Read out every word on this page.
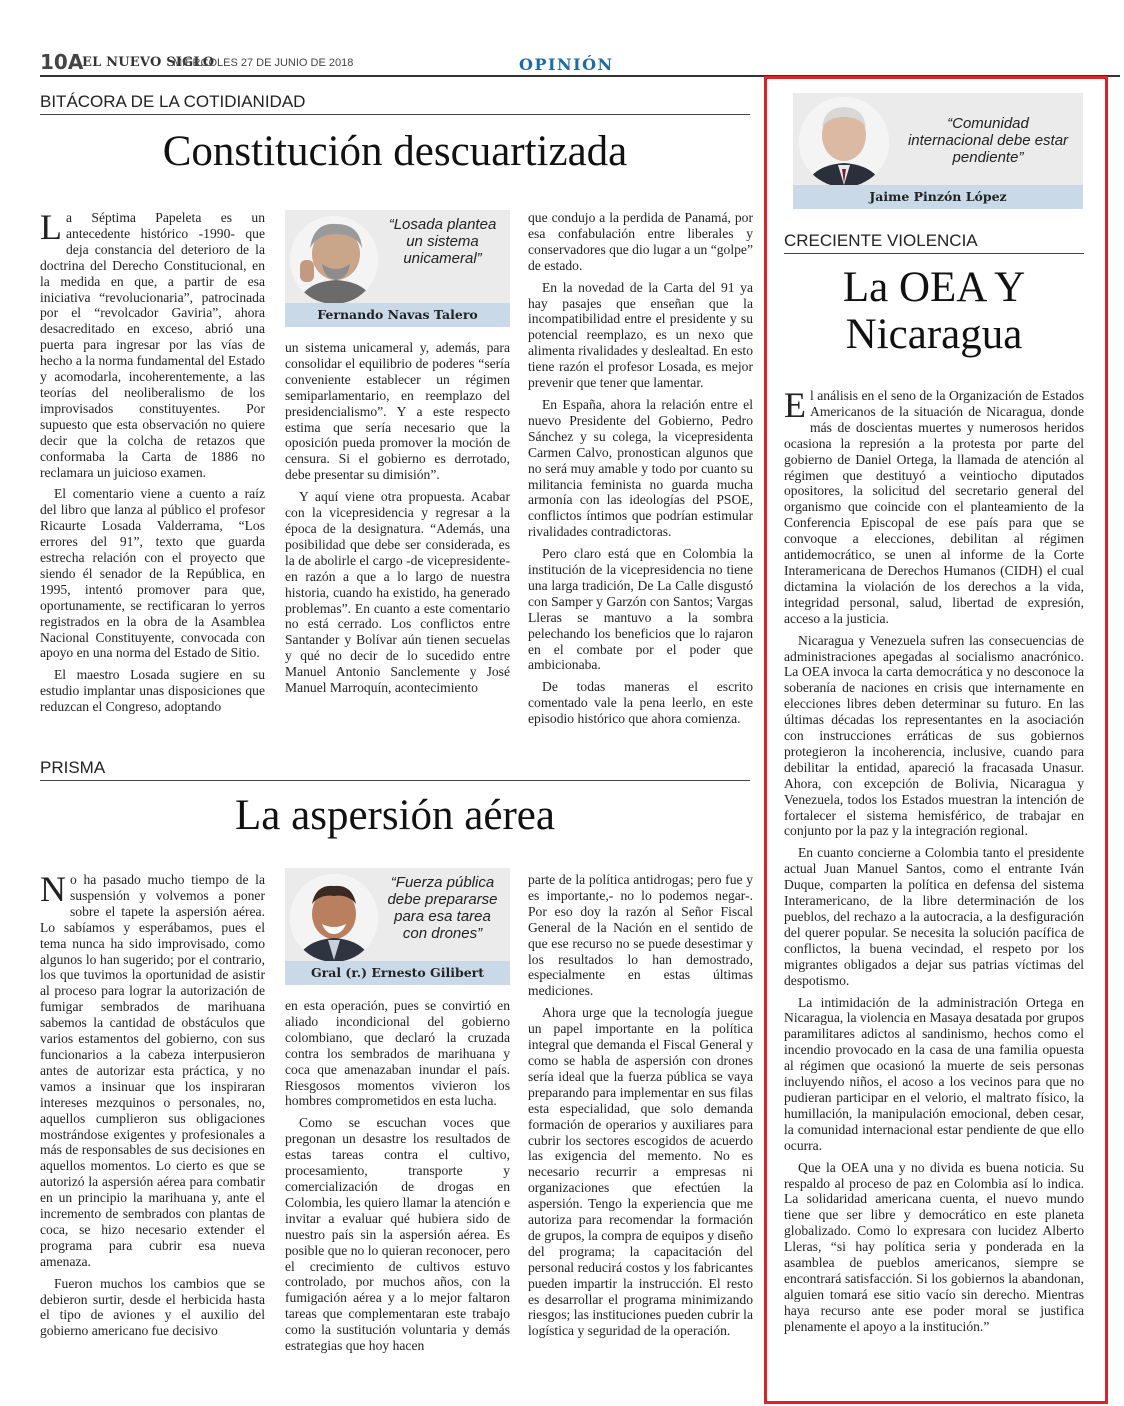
10A
EL NUEVO SIGLO
MIÉRCOLES 27 DE JUNIO DE 2018	OPINIÓN
BITÁCORA DE LA COTIDIANIDAD
Constitución descuartizada

La Séptima Papeleta es un antecedente histórico -1990- que deja constancia del deterioro de la doctrina del Derecho Constitucional, en la medida en que, a partir de esa iniciativa “revolucionaria”, patrocinada por el “revolcador Gaviria”, ahora desacreditado en exceso, abrió una puerta para ingresar por las vías de hecho a la norma fundamental del Estado y acomodarla, incoherentemente, a las teorías del neoliberalismo de los improvisados constituyentes. Por supuesto que esta observación no quiere decir que la colcha de retazos que conformaba la Carta de 1886 no reclamara un juicioso examen.

El comentario viene a cuento a raíz del libro que lanza al público el profesor Ricaurte Losada Valderrama, “Los errores del 91”, texto que guarda estrecha relación con el proyecto que siendo él senador de la República, en 1995, intentó promover para que, oportunamente, se rectificaran lo yerros registrados en la obra de la Asamblea Nacional Constituyente, convocada con apoyo en una norma del Estado de Sitio.

El maestro Losada sugiere en su estudio implantar unas disposiciones que reduzcan el Congreso, adoptando

“Losada plantea un sistema unicameral”
Fernando Navas Talero

un sistema unicameral y, además, para consolidar el equilibrio de poderes “sería conveniente establecer un régimen semiparlamentario, en reemplazo del presidencialismo”. Y a este respecto estima que sería necesario que la oposición pueda promover la moción de censura. Si el gobierno es derrotado, debe presentar su dimisión”.

Y aquí viene otra propuesta. Acabar con la vicepresidencia y regresar a la época de la designatura. “Además, una posibilidad que debe ser considerada, es la de abolirle el cargo -de vicepresidente- en razón a que a lo largo de nuestra historia, cuando ha existido, ha generado problemas”. En cuanto a este comentario no está cerrado. Los conflictos entre Santander y Bolívar aún tienen secuelas y qué no decir de lo sucedido entre Manuel Antonio Sanclemente y José Manuel Marroquín, acontecimiento

que condujo a la perdida de Panamá, por esa confabulación entre liberales y conservadores que dio lugar a un “golpe” de estado.

En la novedad de la Carta del 91 ya hay pasajes que enseñan que la incompatibilidad entre el presidente y su potencial reemplazo, es un nexo que alimenta rivalidades y deslealtad. En esto tiene razón el profesor Losada, es mejor prevenir que tener que lamentar.

En España, ahora la relación entre el nuevo Presidente del Gobierno, Pedro Sánchez y su colega, la vicepresidenta Carmen Calvo, pronostican algunos que no será muy amable y todo por cuanto su militancia feminista no guarda mucha armonía con las ideologías del PSOE, conflictos íntimos que podrían estimular rivalidades contradictoras.

Pero claro está que en Colombia la institución de la vicepresidencia no tiene una larga tradición, De La Calle disgustó con Samper y Garzón con Santos; Vargas Lleras se mantuvo a la sombra pelechando los beneficios que lo rajaron en el combate por el poder que ambicionaba.

De todas maneras el escrito comentado vale la pena leerlo, en este episodio histórico que ahora comienza.

PRISMA
La aspersión aérea

No ha pasado mucho tiempo de la suspensión y volvemos a poner sobre el tapete la aspersión aérea. Lo sabíamos y esperábamos, pues el tema nunca ha sido improvisado, como algunos lo han sugerido; por el contrario, los que tuvimos la oportunidad de asistir al proceso para lograr la autorización de fumigar sembrados de marihuana sabemos la cantidad de obstáculos que varios estamentos del gobierno, con sus funcionarios a la cabeza interpusieron antes de autorizar esta práctica, y no vamos a insinuar que los inspiraran intereses mezquinos o personales, no, aquellos cumplieron sus obligaciones mostrándose exigentes y profesionales a más de responsables de sus decisiones en aquellos momentos. Lo cierto es que se autorizó la aspersión aérea para combatir en un principio la marihuana y, ante el incremento de sembrados con plantas de coca, se hizo necesario extender el programa para cubrir esa nueva amenaza.

Fueron muchos los cambios que se debieron surtir, desde el herbicida hasta el tipo de aviones y el auxilio del gobierno americano fue decisivo

“Fuerza pública debe prepararse para esa tarea con drones”
Gral (r.) Ernesto Gilibert

en esta operación, pues se convirtió en aliado incondicional del gobierno colombiano, que declaró la cruzada contra los sembrados de marihuana y coca que amenazaban inundar el país. Riesgosos momentos vivieron los hombres comprometidos en esta lucha.

Como se escuchan voces que pregonan un desastre los resultados de estas tareas contra el cultivo, procesamiento, transporte y comercialización de drogas en Colombia, les quiero llamar la atención e invitar a evaluar qué hubiera sido de nuestro país sin la aspersión aérea. Es posible que no lo quieran reconocer, pero el crecimiento de cultivos estuvo controlado, por muchos años, con la fumigación aérea y a lo mejor faltaron tareas que complementaran este trabajo como la sustitución voluntaria y demás estrategias que hoy hacen

parte de la política antidrogas; pero fue y es importante,- no lo podemos negar-. Por eso doy la razón al Señor Fiscal General de la Nación en el sentido de que ese recurso no se puede desestimar y los resultados lo han demostrado, especialmente en estas últimas mediciones.

Ahora urge que la tecnología juegue un papel importante en la política integral que demanda el Fiscal General y como se habla de aspersión con drones sería ideal que la fuerza pública se vaya preparando para implementar en sus filas esta especialidad, que solo demanda formación de operarios y auxiliares para cubrir los sectores escogidos de acuerdo las exigencia del memento. No es necesario recurrir a empresas ni organizaciones que efectúen la aspersión. Tengo la experiencia que me autoriza para recomendar la formación de grupos, la compra de equipos y diseño del programa; la capacitación del personal reducirá costos y los fabricantes pueden impartir la instrucción. El resto es desarrollar el programa minimizando riesgos; las instituciones pueden cubrir la logística y seguridad de la operación.

“Comunidad internacional debe estar pendiente”
Jaime Pinzón López
CRECIENTE VIOLENCIA
La OEA Y
Nicaragua

El análisis en el seno de la Organización de Estados Americanos de la situación de Nicaragua, donde más de doscientas muertes y numerosos heridos ocasiona la represión a la protesta por parte del gobierno de Daniel Ortega, la llamada de atención al régimen que destituyó a veintiocho diputados opositores, la solicitud del secretario general del organismo que coincide con el planteamiento de la Conferencia Episcopal de ese país para que se convoque a elecciones, debilitan al régimen antidemocrático, se unen al informe de la Corte Interamericana de Derechos Humanos (CIDH) el cual dictamina la violación de los derechos a la vida, integridad personal, salud, libertad de expresión, acceso a la justicia.

Nicaragua y Venezuela sufren las consecuencias de administraciones apegadas al socialismo anacrónico. La OEA invoca la carta democrática y no desconoce la soberanía de naciones en crisis que internamente en elecciones libres deben determinar su futuro. En las últimas décadas los representantes en la asociación con instrucciones erráticas de sus gobiernos protegieron la incoherencia, inclusive, cuando para debilitar la entidad, apareció la fracasada Unasur. Ahora, con excepción de Bolivia, Nicaragua y Venezuela, todos los Estados muestran la intención de fortalecer el sistema hemisférico, de trabajar en conjunto por la paz y la integración regional.

En cuanto concierne a Colombia tanto el presidente actual Juan Manuel Santos, como el entrante Iván Duque, comparten la política en defensa del sistema Interamericano, de la libre determinación de los pueblos, del rechazo a la autocracia, a la desfiguración del querer popular. Se necesita la solución pacífica de conflictos, la buena vecindad, el respeto por los migrantes obligados a dejar sus patrias víctimas del despotismo.

La intimidación de la administración Ortega en Nicaragua, la violencia en Masaya desatada por grupos paramilitares adictos al sandinismo, hechos como el incendio provocado en la casa de una familia opuesta al régimen que ocasionó la muerte de seis personas incluyendo niños, el acoso a los vecinos para que no pudieran participar en el velorio, el maltrato físico, la humillación, la manipulación emocional, deben cesar, la comunidad internacional estar pendiente de que ello ocurra.

Que la OEA una y no divida es buena noticia. Su respaldo al proceso de paz en Colombia así lo indica. La solidaridad americana cuenta, el nuevo mundo tiene que ser libre y democrático en este planeta globalizado. Como lo expresara con lucidez Alberto Lleras, “si hay política seria y ponderada en la asamblea de pueblos americanos, siempre se encontrará satisfacción. Si los gobiernos la abandonan, alguien tomará ese sitio vacío sin derecho. Mientras haya recurso ante ese poder moral se justifica plenamente el apoyo a la institución.”
